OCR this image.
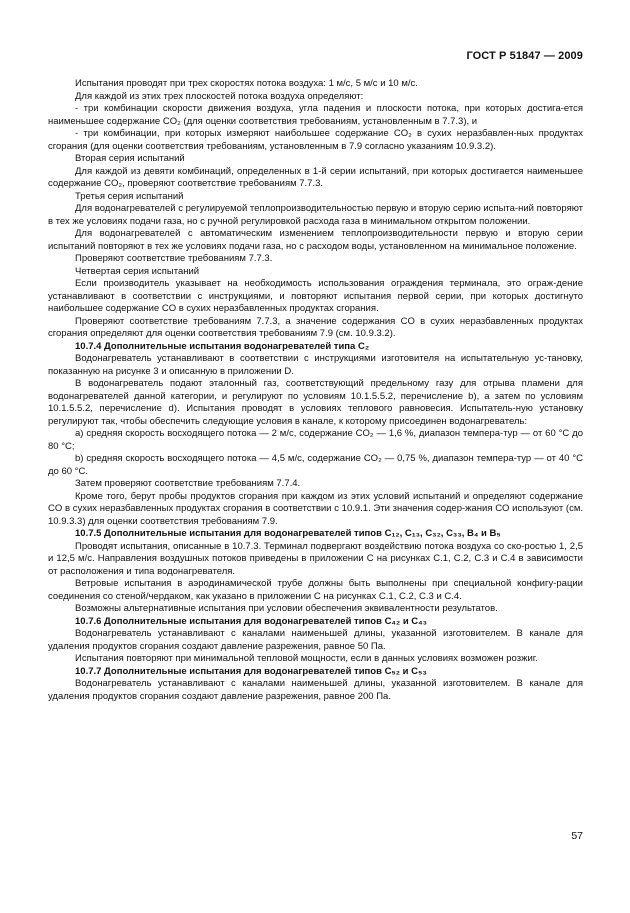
ГОСТ Р 51847 — 2009

Испытания проводят при трех скоростях потока воздуха: 1 м/с, 5 м/с и 10 м/с.

Для каждой из этих трех плоскостей потока воздуха определяют:

- три комбинации скорости движения воздуха, угла падения и плоскости потока, при которых достига-ется наименьшее содержание CO₂ (для оценки соответствия требованиям, установленным в 7.7.3), и

- три комбинации, при которых измеряют наибольшее содержание CO₂ в сухих неразбавлен-ных продуктах сгорания (для оценки соответствия требованиям, установленным в 7.9 согласно указаниям 10.9.3.2).

Вторая серия испытаний

Для каждой из девяти комбинаций, определенных в 1-й серии испытаний, при которых достигается наименьшее содержание CO₂, проверяют соответствие требованиям 7.7.3.

Третья серия испытаний

Для водонагревателей с регулируемой теплопроизводительностью первую и вторую серию испыта-ний повторяют в тех же условиях подачи газа, но с ручной регулировкой расхода газа в минимальном открытом положении.

Для водонагревателей с автоматическим изменением теплопроизводительности первую и вторую серии испытаний повторяют в тех же условиях подачи газа, но с расходом воды, установленном на минимальное положение.

Проверяют соответствие требованиям 7.7.3.

Четвертая серия испытаний

Если производитель указывает на необходимость использования ограждения терминала, это ограж-дение устанавливают в соответствии с инструкциями, и повторяют испытания первой серии, при которых достигнуто наибольшее содержание CO в сухих неразбавленных продуктах сгорания.

Проверяют соответствие требованиям 7.7.3, а значение содержания CO в сухих неразбавленных продуктах сгорания определяют для оценки соответствия требованиям 7.9 (см. 10.9.3.2).

10.7.4 Дополнительные испытания водонагревателей типа C₂

Водонагреватель устанавливают в соответствии с инструкциями изготовителя на испытательную ус-тановку, показанную на рисунке 3 и описанную в приложении D.

В водонагреватель подают эталонный газ, соответствующий предельному газу для отрыва пламени для водонагревателей данной категории, и регулируют по условиям 10.1.5.5.2, перечисление b), а затем по условиям 10.1.5.5.2, перечисление d). Испытания проводят в условиях теплового равновесия. Испытатель-ную установку регулируют так, чтобы обеспечить следующие условия в канале, к которому присоединен водонагреватель:

a) средняя скорость восходящего потока — 2 м/с, содержание CO₂ — 1,6 %, диапазон темпера-тур — от 60 °C до 80 °C;

b) средняя скорость восходящего потока — 4,5 м/с, содержание CO₂ — 0,75 %, диапазон темпера-тур — от 40 °C до 60 °C.

Затем проверяют соответствие требованиям 7.7.4.

Кроме того, берут пробы продуктов сгорания при каждом из этих условий испытаний и определяют содержание CO в сухих неразбавленных продуктах сгорания в соответствии с 10.9.1. Эти значения содер-жания CO используют (см. 10.9.3.3) для оценки соответствия требованиям 7.9.

10.7.5 Дополнительные испытания для водонагревателей типов C₁₂, C₁₃, C₃₂, C₃₃, B₄ и B₅

Проводят испытания, описанные в 10.7.3. Терминал подвергают воздействию потока воздуха со ско-ростью 1, 2,5 и 12,5 м/с. Направления воздушных потоков приведены в приложении C на рисунках C.1, C.2, C.3 и C.4 в зависимости от расположения и типа водонагревателя.

Ветровые испытания в аэродинамической трубе должны быть выполнены при специальной конфигу-рации соединения со стеной/чердаком, как указано в приложении C на рисунках C.1, C.2, C.3 и C.4.

Возможны альтернативные испытания при условии обеспечения эквивалентности результатов.

10.7.6 Дополнительные испытания для водонагревателей типов C₄₂ и C₄₃

Водонагреватель устанавливают с каналами наименьшей длины, указанной изготовителем. В канале для удаления продуктов сгорания создают давление разрежения, равное 50 Па.

Испытания повторяют при минимальной тепловой мощности, если в данных условиях возможен розжиг.

10.7.7 Дополнительные испытания для водонагревателей типов C₅₂ и C₅₃

Водонагреватель устанавливают с каналами наименьшей длины, указанной изготовителем. В канале для удаления продуктов сгорания создают давление разрежения, равное 200 Па.

57
